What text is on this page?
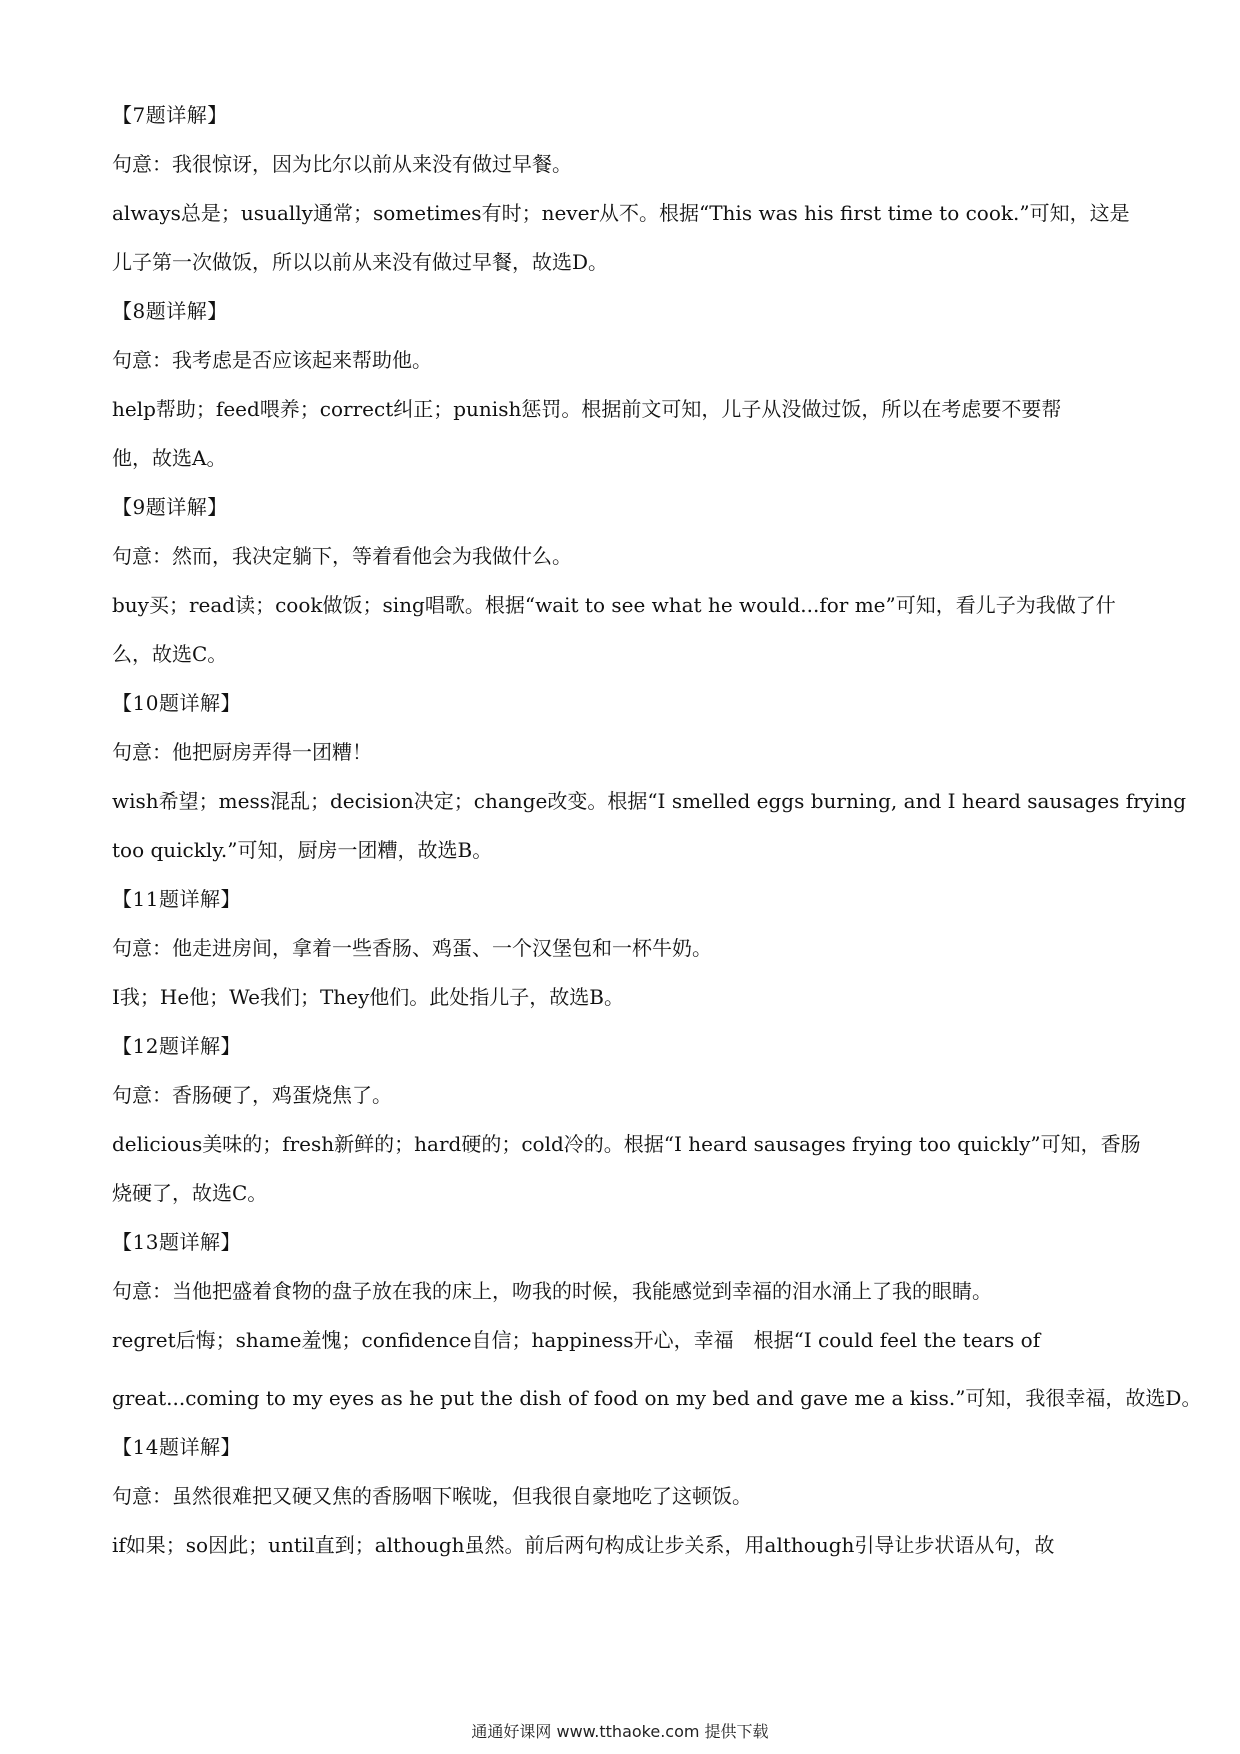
【7题详解】
句意：我很惊讶，因为比尔以前从来没有做过早餐。
always总是；usually通常；sometimes有时；never从不。根据“This was his first time to cook.”可知，这是
儿子第一次做饭，所以以前从来没有做过早餐，故选D。
【8题详解】
句意：我考虑是否应该起来帮助他。
help帮助；feed喂养；correct纠正；punish惩罚。根据前文可知，儿子从没做过饭，所以在考虑要不要帮
他，故选A。
【9题详解】
句意：然而，我决定躺下，等着看他会为我做什么。
buy买；read读；cook做饭；sing唱歌。根据“wait to see what he would...for me”可知，看儿子为我做了什
么，故选C。
【10题详解】
句意：他把厨房弄得一团糟！
wish希望；mess混乱；decision决定；change改变。根据“I smelled eggs burning, and I heard sausages frying
too quickly.”可知，厨房一团糟，故选B。
【11题详解】
句意：他走进房间，拿着一些香肠、鸡蛋、一个汉堡包和一杯牛奶。
I我；He他；We我们；They他们。此处指儿子，故选B。
【12题详解】
句意：香肠硬了，鸡蛋烧焦了。
delicious美味的；fresh新鲜的；hard硬的；cold冷的。根据“I heard sausages frying too quickly”可知，香肠
烧硬了，故选C。
【13题详解】
句意：当他把盛着食物的盘子放在我的床上，吻我的时候，我能感觉到幸福的泪水涌上了我的眼睛。
regret后悔；shame羞愧；confidence自信；happiness开心，幸福　根据“I could feel the tears of
great...coming to my eyes as he put the dish of food on my bed and gave me a kiss.”可知，我很幸福，故选D。
【14题详解】
句意：虽然很难把又硬又焦的香肠咽下喉咙，但我很自豪地吃了这顿饭。
if如果；so因此；until直到；although虽然。前后两句构成让步关系，用although引导让步状语从句，故
通通好课网 www.tthaoke.com 提供下载
